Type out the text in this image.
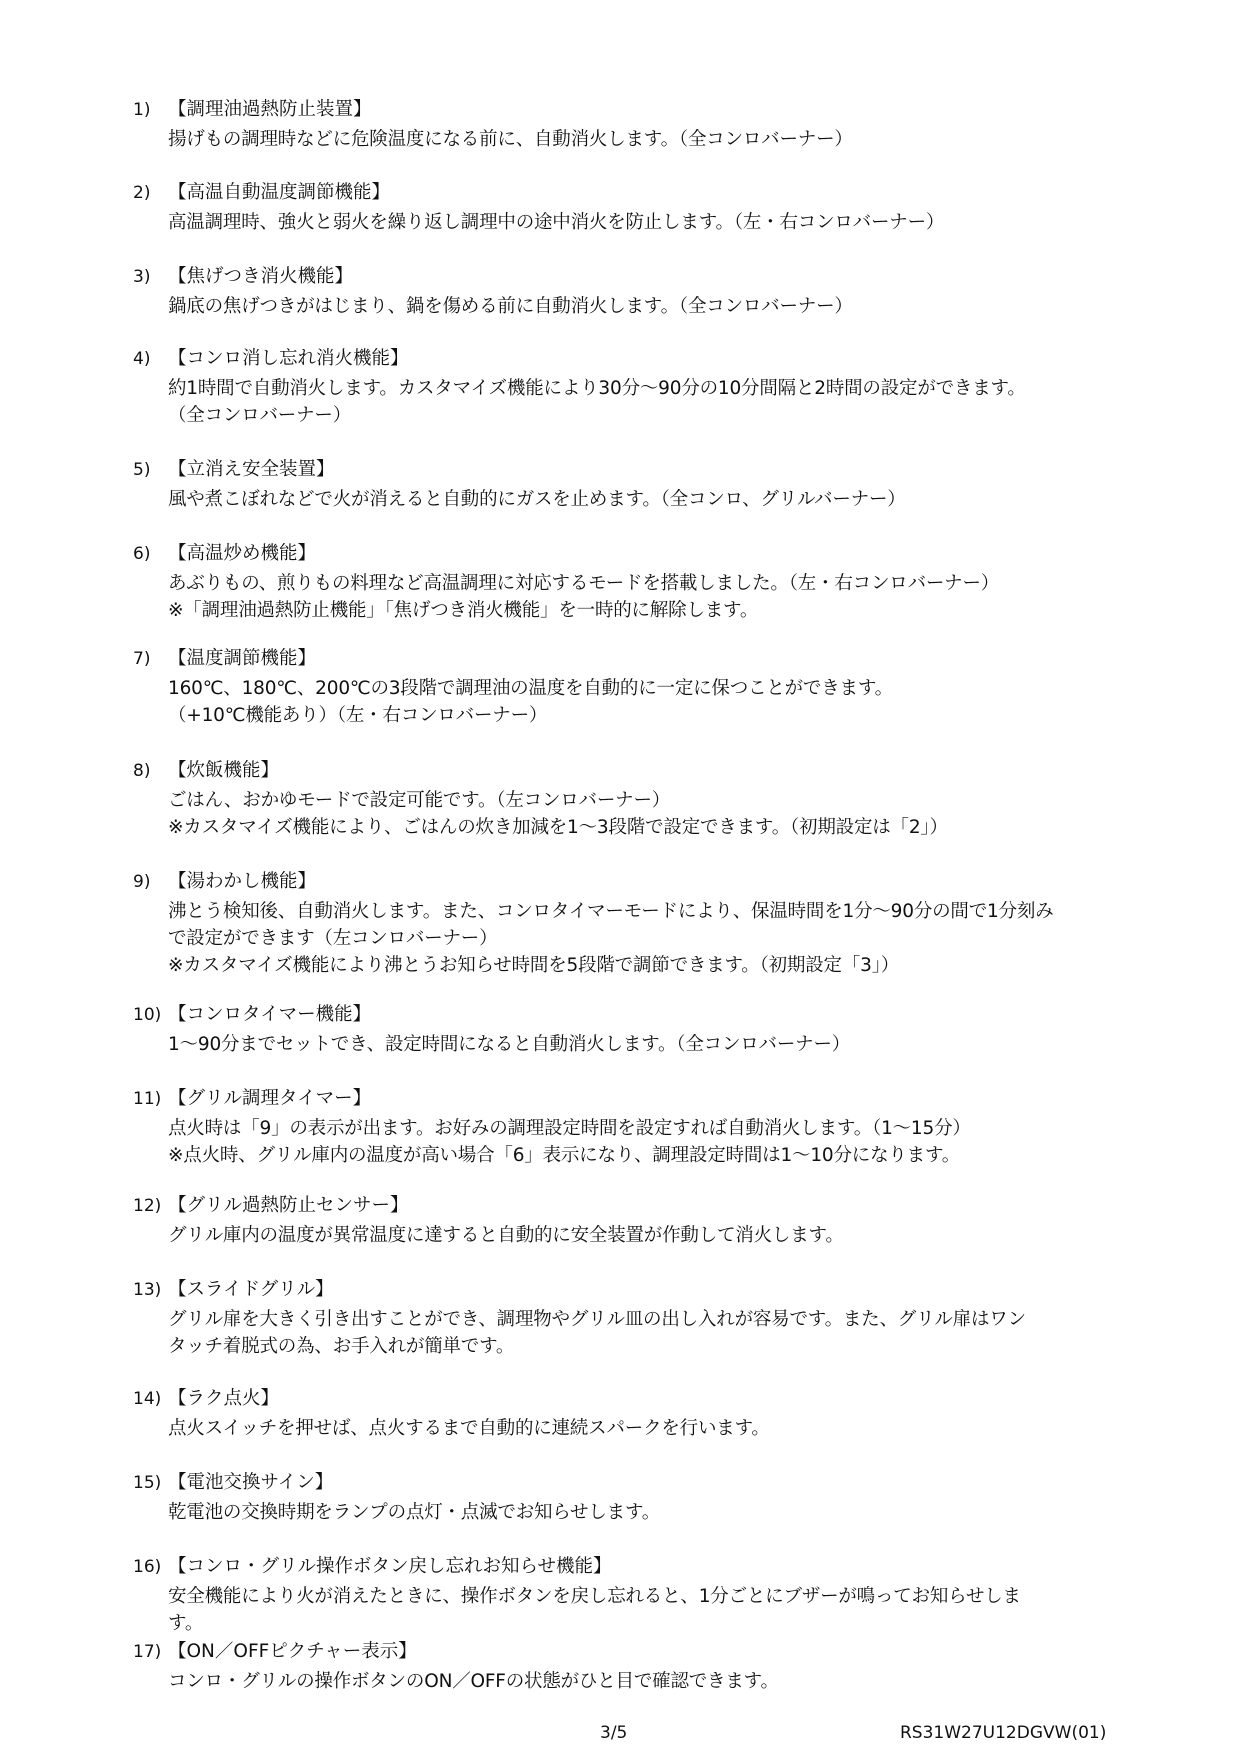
1) 【調理油過熱防止装置】
揚げもの調理時などに危険温度になる前に、自動消火します。（全コンロバーナー）
2) 【高温自動温度調節機能】
高温調理時、強火と弱火を繰り返し調理中の途中消火を防止します。（左・右コンロバーナー）
3) 【焦げつき消火機能】
鍋底の焦げつきがはじまり、鍋を傷める前に自動消火します。（全コンロバーナー）
4) 【コンロ消し忘れ消火機能】
約1時間で自動消火します。カスタマイズ機能により30分～90分の10分間隔と2時間の設定ができます。
（全コンロバーナー）
5) 【立消え安全装置】
風や煮こぼれなどで火が消えると自動的にガスを止めます。（全コンロ、グリルバーナー）
6) 【高温炒め機能】
あぶりもの、煎りもの料理など高温調理に対応するモードを搭載しました。（左・右コンロバーナー）
※「調理油過熱防止機能」「焦げつき消火機能」を一時的に解除します。
7) 【温度調節機能】
160℃、180℃、200℃の3段階で調理油の温度を自動的に一定に保つことができます。
（+10℃機能あり）（左・右コンロバーナー）
8) 【炊飯機能】
ごはん、おかゆモードで設定可能です。（左コンロバーナー）
※カスタマイズ機能により、ごはんの炊き加減を1～3段階で設定できます。（初期設定は「2」）
9) 【湯わかし機能】
沸とう検知後、自動消火します。また、コンロタイマーモードにより、保温時間を1分～90分の間で1分刻み
で設定ができます（左コンロバーナー）
※カスタマイズ機能により沸とうお知らせ時間を5段階で調節できます。（初期設定「3」）
10) 【コンロタイマー機能】
1～90分までセットでき、設定時間になると自動消火します。（全コンロバーナー）
11) 【グリル調理タイマー】
点火時は「9」の表示が出ます。お好みの調理設定時間を設定すれば自動消火します。（1～15分）
※点火時、グリル庫内の温度が高い場合「6」表示になり、調理設定時間は1～10分になります。
12) 【グリル過熱防止センサー】
グリル庫内の温度が異常温度に達すると自動的に安全装置が作動して消火します。
13) 【スライドグリル】
グリル扉を大きく引き出すことができ、調理物やグリル皿の出し入れが容易です。また、グリル扉はワン
タッチ着脱式の為、お手入れが簡単です。
14) 【ラク点火】
点火スイッチを押せば、点火するまで自動的に連続スパークを行います。
15) 【電池交換サイン】
乾電池の交換時期をランプの点灯・点滅でお知らせします。
16) 【コンロ・グリル操作ボタン戻し忘れお知らせ機能】
安全機能により火が消えたときに、操作ボタンを戻し忘れると、1分ごとにブザーが鳴ってお知らせしま
す。
17) 【ON／OFFピクチャー表示】
コンロ・グリルの操作ボタンのON／OFFの状態がひと目で確認できます。
3/5	RS31W27U12DGVW(01)
